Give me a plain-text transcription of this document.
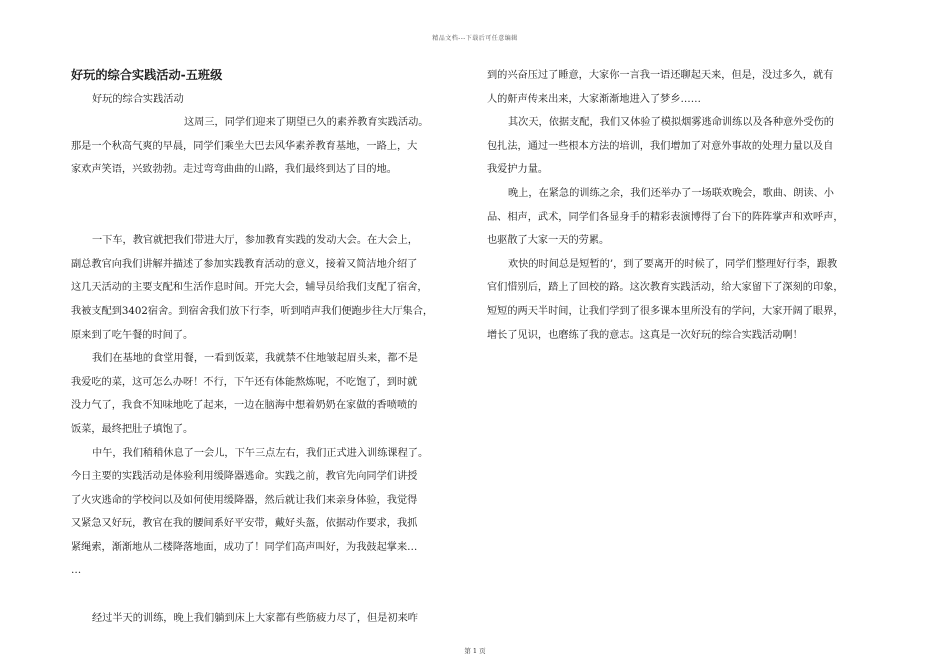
精品文档---下载后可任意编辑
好玩的综合实践活动-五班级
好玩的综合实践活动
这周三，同学们迎来了期望已久的素养教育实践活动。
那是一个秋高气爽的早晨，同学们乘坐大巴去风华素养教育基地，一路上，大
家欢声笑语，兴致勃勃。走过弯弯曲曲的山路，我们最终到达了目的地。
一下车，教官就把我们带进大厅，参加教育实践的发动大会。在大会上，
副总教官向我们讲解并描述了参加实践教育活动的意义，接着又简洁地介绍了
这几天活动的主要支配和生活作息时间。开完大会，辅导员给我们支配了宿舍，
我被支配到3402宿舍。到宿舍我们放下行李，听到哨声我们便跑步往大厅集合，
原来到了吃午餐的时间了。
我们在基地的食堂用餐，一看到饭菜，我就禁不住地皱起眉头来，都不是
我爱吃的菜，这可怎么办呀！不行，下午还有体能熬炼呢，不吃饱了，到时就
没力气了，我食不知味地吃了起来，一边在脑海中想着奶奶在家做的香喷喷的
饭菜，最终把肚子填饱了。
中午，我们稍稍休息了一会儿，下午三点左右，我们正式进入训练课程了。
今日主要的实践活动是体验利用缓降器逃命。实践之前，教官先向同学们讲授
了火灾逃命的学校问以及如何使用缓降器，然后就让我们来亲身体验，我觉得
又紧急又好玩，教官在我的腰间系好平安带，戴好头盔，依据动作要求，我抓
紧绳索，渐渐地从二楼降落地面，成功了！同学们高声叫好，为我鼓起掌来…
…
经过半天的训练，晚上我们躺到床上大家都有些筋疲力尽了，但是初来咋
到的兴奋压过了睡意，大家你一言我一语还聊起天来，但是，没过多久，就有
人的鼾声传来出来，大家渐渐地进入了梦乡……
其次天，依据支配，我们又体验了模拟烟雾逃命训练以及各种意外受伤的
包扎法，通过一些根本方法的培训，我们增加了对意外事故的处理力量以及自
我爱护力量。
晚上，在紧急的训练之余，我们还举办了一场联欢晚会，歌曲、朗读、小
品、相声，武术，同学们各显身手的精彩表演博得了台下的阵阵掌声和欢呼声，
也驱散了大家一天的劳累。
欢快的时间总是短暂的’，到了要离开的时候了，同学们整理好行李，跟教
官们惜别后，踏上了回校的路。这次教育实践活动，给大家留下了深刻的印象，
短短的两天半时间，让我们学到了很多课本里所没有的学问，大家开阔了眼界，
增长了见识，也磨练了我的意志。这真是一次好玩的综合实践活动啊！
第 1 页
